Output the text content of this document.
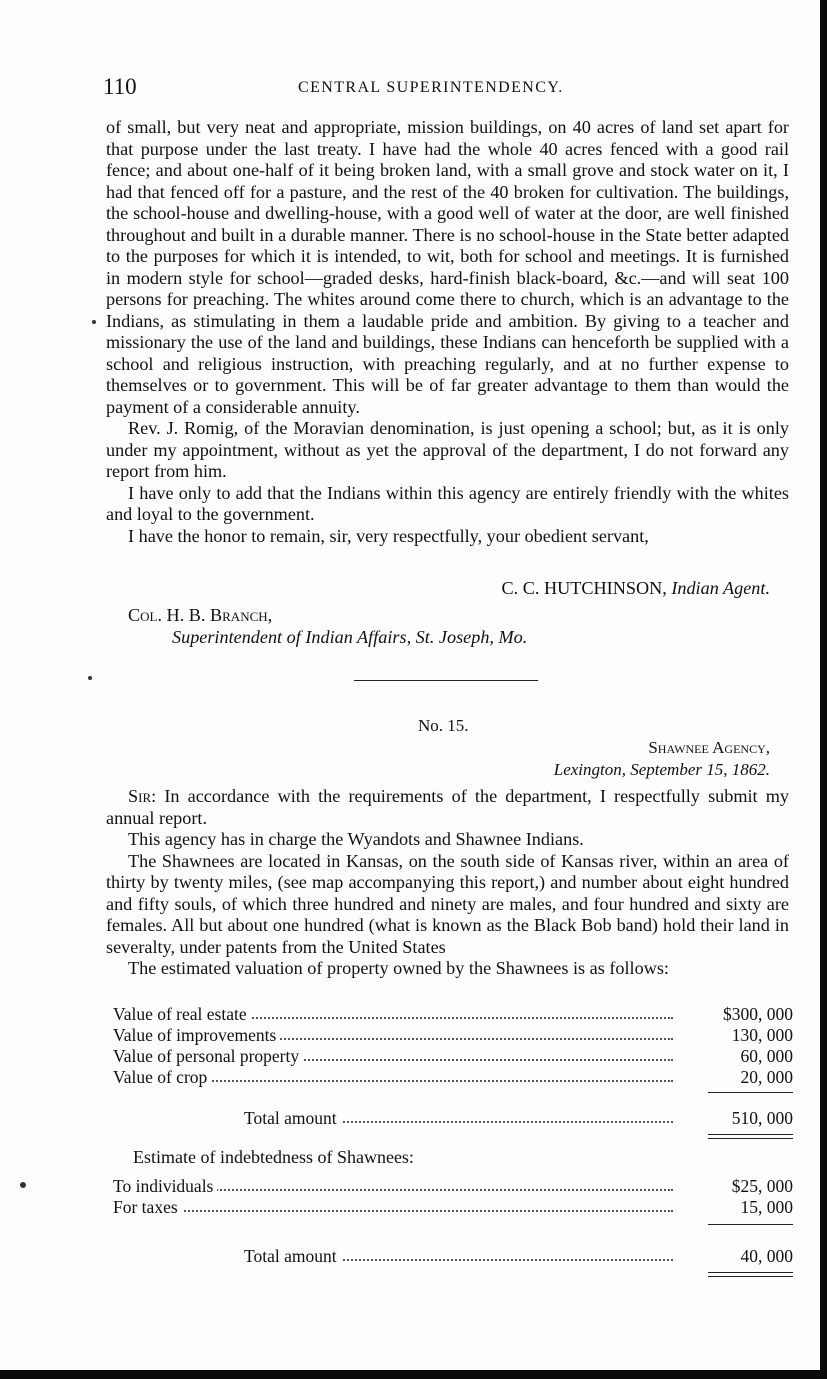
110	CENTRAL SUPERINTENDENCY.

of small, but very neat and appropriate, mission buildings, on 40 acres of land set apart for that purpose under the last treaty. I have had the whole 40 acres fenced with a good rail fence; and about one-half of it being broken land, with a small grove and stock water on it, I had that fenced off for a pasture, and the rest of the 40 broken for cultivation. The buildings, the school-house and dwelling-house, with a good well of water at the door, are well finished throughout and built in a durable manner. There is no school-house in the State better adapted to the purposes for which it is intended, to wit, both for school and meetings. It is furnished in modern style for school—graded desks, hard-finish black-board, &c.—and will seat 100 persons for preaching. The whites around come there to church, which is an advantage to the Indians, as stimulating in them a laudable pride and ambition. By giving to a teacher and missionary the use of the land and buildings, these Indians can henceforth be supplied with a school and religious instruction, with preaching regularly, and at no further expense to themselves or to government. This will be of far greater advantage to them than would the payment of a considerable annuity.

Rev. J. Romig, of the Moravian denomination, is just opening a school; but, as it is only under my appointment, without as yet the approval of the department, I do not forward any report from him.

I have only to add that the Indians within this agency are entirely friendly with the whites and loyal to the government.

I have the honor to remain, sir, very respectfully, your obedient servant,

C. C. HUTCHINSON, Indian Agent.
Col. H. B. Branch,
Superintendent of Indian Affairs, St. Joseph, Mo.
No. 15.
Shawnee Agency,
Lexington, September 15, 1862.

Sir: In accordance with the requirements of the department, I respectfully submit my annual report.

This agency has in charge the Wyandots and Shawnee Indians.

The Shawnees are located in Kansas, on the south side of Kansas river, within an area of thirty by twenty miles, (see map accompanying this report,) and number about eight hundred and fifty souls, of which three hundred and ninety are males, and four hundred and sixty are females. All but about one hundred (what is known as the Black Bob band) hold their land in severalty, under patents from the United States

The estimated valuation of property owned by the Shawnees is as follows:

Value of real estate	$300, 000
Value of improvements	130, 000
Value of personal property	60, 000
Value of crop	20, 000
Total amount	510, 000
Estimate of indebtedness of Shawnees:
To individuals	$25, 000
For taxes	15, 000
Total amount	40, 000
